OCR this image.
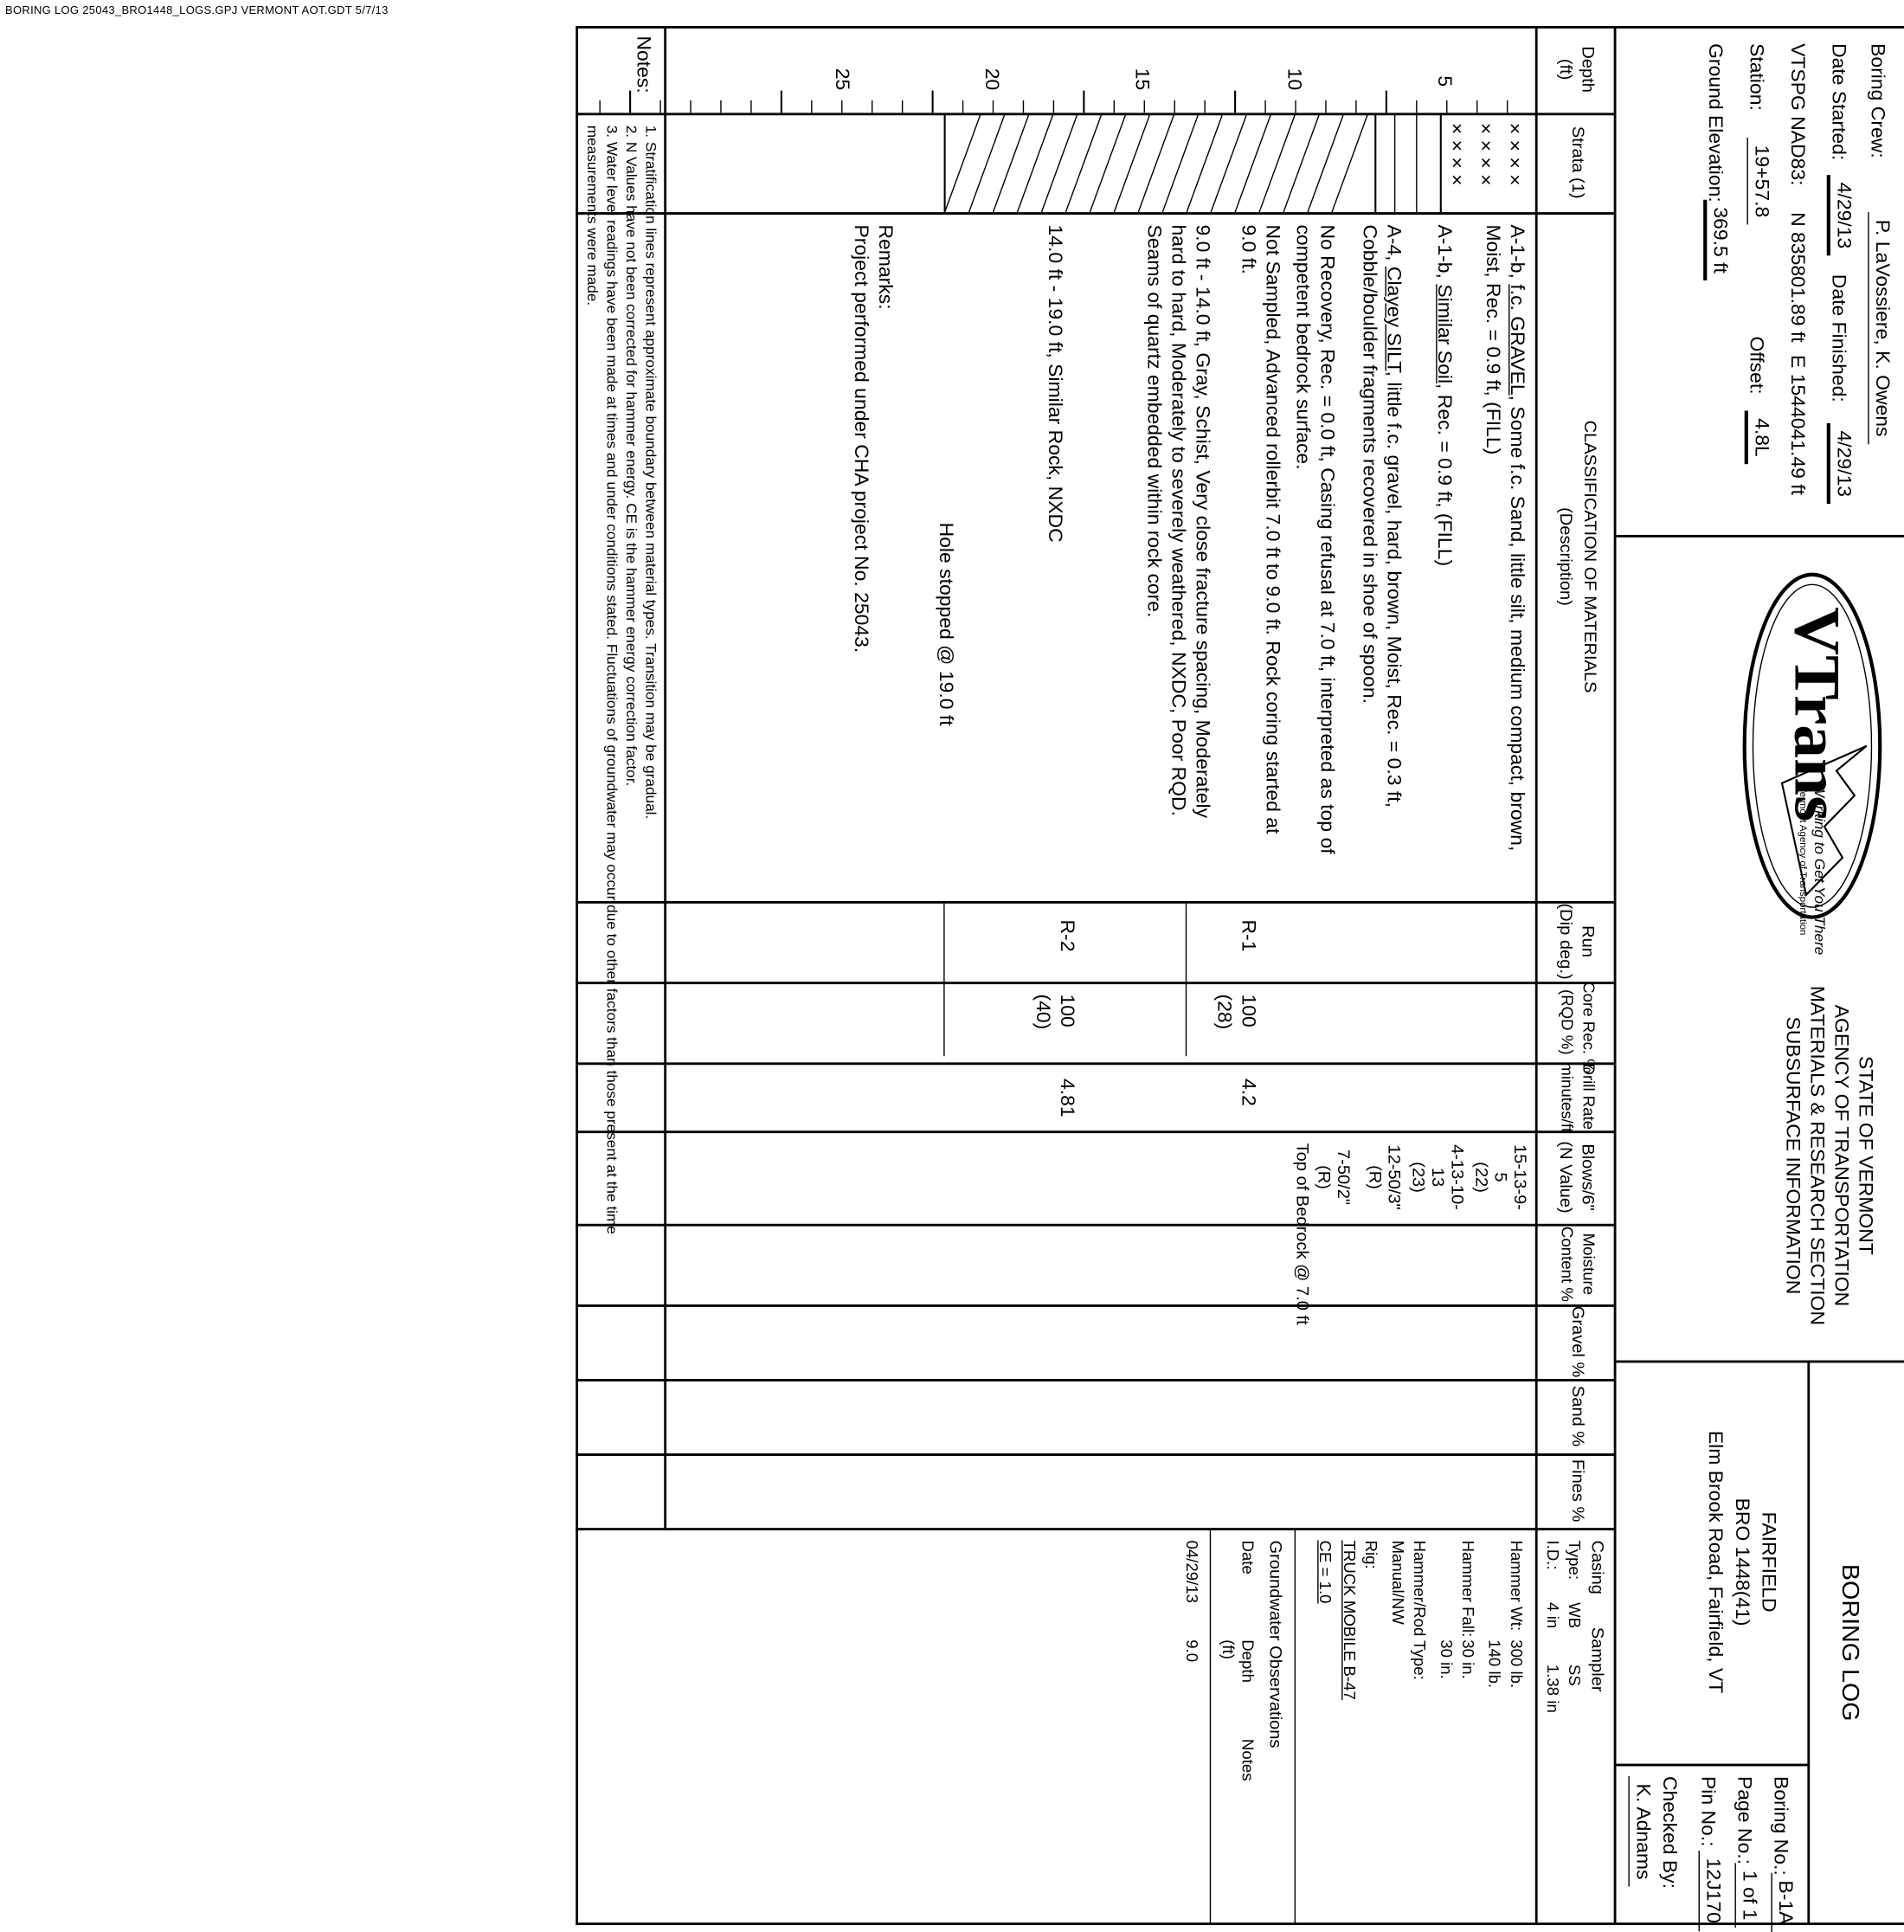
BORING LOG 25043_BRO1448_LOGS.GPJ VERMONT AOT.GDT 5/7/13
Boring Crew:
P. LaVossiere, K. Owens
Date Started:
4/29/13
Date Finished:
4/29/13
VTSPG NAD83:
N 835801.89 ft
E 1544041.49 ft
Station:
19+57.8
Offset:
4.8L
Ground Elevation:
369.5 ft
VTrans
Working to Get You There
Vermont Agency of Transportation
STATE OF VERMONT
AGENCY OF TRANSPORTATION
MATERIALS & RESEARCH SECTION
SUBSURFACE INFORMATION
BORING LOG
FAIRFIELD
BRO 1448(41)
Elm Brook Road, Fairfield, VT
Boring No.:
B-1A
Page No.:
1 of 1
Pin No.:
12J170
Checked By:
K. Adnams
Depth
(ft)
Strata (1)
CLASSIFICATION OF MATERIALS
(Description)
Run
(Dip deg.)
Core Rec. %
(RQD %)
Drill Rate
minutes/ft
Blows/6"
(N Value)
Moisture
Content %
Gravel %
Sand %
Fines %
Casing
Sampler
Type:
WB
SS
I.D.:
4 in
1.38 in
Hammer Wt:
300 lb.
140 lb.
Hammer Fall:
30 in.
30 in.
Hammer/Rod Type:
Manual/NW
Rig:
TRUCK MOBILE B-47
CE = 1.0
Groundwater Observations
Date
Depth
(ft)
Notes
04/29/13
9.0
5
10
15
20
25
× × × ×
× × × ×
× × × ×
A-1-b, f.c. GRAVEL, Some f.c. Sand, little silt, medium compact, brown,
Moist, Rec. = 0.9 ft, (FILL)
A-1-b, Similar Soil, Rec. = 0.9 ft, (FILL)
A-4, Clayey SILT, little f.c. gravel, hard, brown, Moist, Rec. = 0.3 ft,
Cobble/boulder fragments recovered in shoe of spoon.
No Recovery, Rec. = 0.0 ft, Casing refusal at 7.0 ft, interpreted as top of
competent bedrock surface.
Not Sampled, Advanced rollerbit 7.0 ft to 9.0 ft. Rock coring started at
9.0 ft.
9.0 ft - 14.0 ft, Gray, Schist, Very close fracture spacing, Moderately
hard to hard, Moderately to severely weathered, NXDC, Poor RQD.
Seams of quartz embedded within rock core.
14.0 ft - 19.0 ft, Similar Rock, NXDC
Hole stopped @ 19.0 ft
Remarks:
Project performed under CHA project No. 25043.
R-1
100
(28)
4.2
R-2
100
(40)
4.81
15-13-9-
5
(22)
4-13-10-
13
(23)
12-50/3"
(R)
7-50/2"
(R)
Top of Bedrock @ 7.0 ft
Notes:
1. Stratification lines represent approximate boundary between material types. Transition may be gradual.
2. N Values have not been corrected for hammer energy. CE is the hammer energy correction factor.
3. Water level readings have been made at times and under conditions stated. Fluctuations of groundwater may occur due to other factors than those present at the time
measurements were made.
